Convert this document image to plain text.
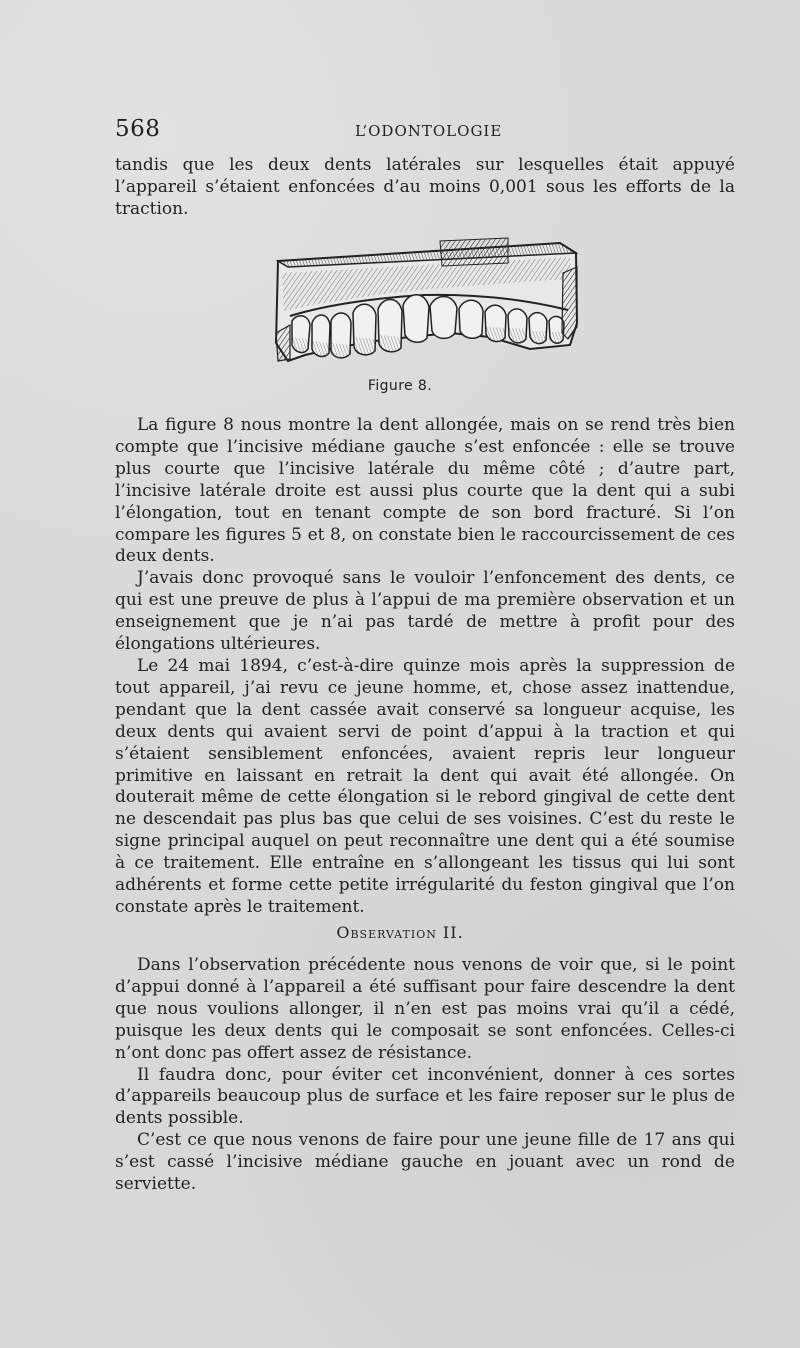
568	L’ODONTOLOGIE

tandis que les deux dents latérales sur lesquelles était appuyé l’appareil s’étaient enfoncées d’au moins 0,001 sous les efforts de la traction.

Figure 8.

La figure 8 nous montre la dent allongée, mais on se rend très bien compte que l’incisive médiane gauche s’est enfoncée : elle se trouve plus courte que l’incisive latérale du même côté ; d’autre part, l’incisive latérale droite est aussi plus courte que la dent qui a subi l’élongation, tout en tenant compte de son bord fracturé. Si l’on compare les figures 5 et 8, on constate bien le raccourcissement de ces deux dents.

J’avais donc provoqué sans le vouloir l’enfoncement des dents, ce qui est une preuve de plus à l’appui de ma première observation et un enseignement que je n’ai pas tardé de mettre à profit pour des élongations ultérieures.

Le 24 mai 1894, c’est-à-dire quinze mois après la suppression de tout appareil, j’ai revu ce jeune homme, et, chose assez inattendue, pendant que la dent cassée avait conservé sa longueur acquise, les deux dents qui avaient servi de point d’appui à la traction et qui s’étaient sensiblement enfoncées, avaient repris leur longueur primitive en laissant en retrait la dent qui avait été allongée. On douterait même de cette élongation si le rebord gingival de cette dent ne descendait pas plus bas que celui de ses voisines. C’est du reste le signe principal auquel on peut reconnaître une dent qui a été soumise à ce traitement. Elle entraîne en s’allongeant les tissus qui lui sont adhérents et forme cette petite irrégularité du feston gingival que l’on constate après le traitement.

Observation II.

Dans l’observation précédente nous venons de voir que, si le point d’appui donné à l’appareil a été suffisant pour faire descendre la dent que nous voulions allonger, il n’en est pas moins vrai qu’il a cédé, puisque les deux dents qui le composait se sont enfoncées. Celles-ci n’ont donc pas offert assez de résistance.

Il faudra donc, pour éviter cet inconvénient, donner à ces sortes d’appareils beaucoup plus de surface et les faire reposer sur le plus de dents possible.

C’est ce que nous venons de faire pour une jeune fille de 17 ans qui s’est cassé l’incisive médiane gauche en jouant avec un rond de serviette.
